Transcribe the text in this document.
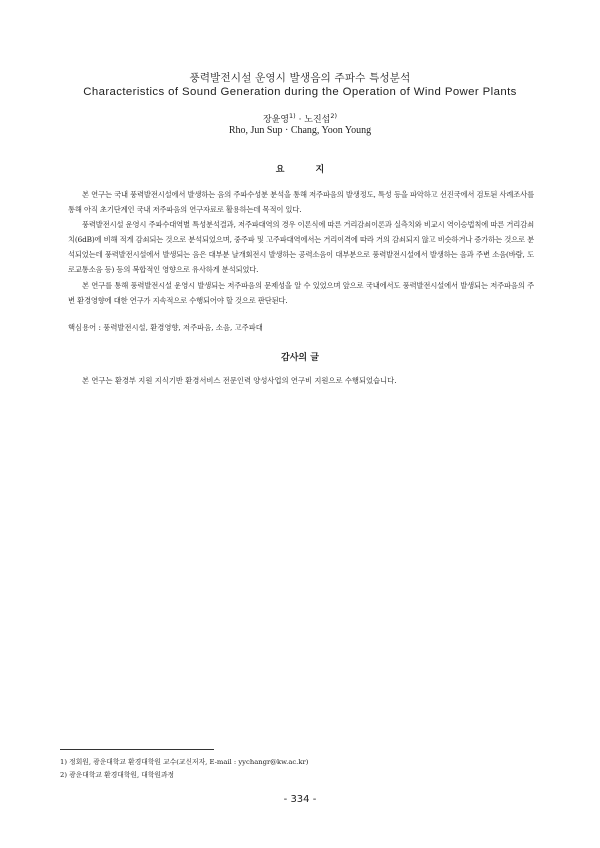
풍력발전시설 운영시 발생음의 주파수 특성분석
Characteristics of Sound Generation during the Operation of Wind Power Plants
장윤영$^{1)}$ · 노진섭$^{2)}$
Rho, Jun Sup · Chang, Yoon Young
요 지

본 연구는 국내 풍력발전시설에서 발생하는 음의 주파수성분 분석을 통해 저주파음의 발생정도, 특성 등을 파악하고 선진국에서 검토된 사례조사를 통해 아직 초기단계인 국내 저주파음의 연구자료로 활용하는데 목적이 있다.

풍력발전시설 운영시 주파수대역별 특성분석결과, 저주파대역의 경우 이론식에 따른 거리감쇠이론과 실측치와 비교시 역이승법칙에 따른 거리감쇠치(6dB)에 비해 적게 감쇠되는 것으로 분석되었으며, 중주파 및 고주파대역에서는 거리이격에 따라 거의 감쇠되지 않고 비슷하거나 증가하는 것으로 분석되었는데 풍력발전시설에서 발생되는 음은 대부분 날개회전시 발생하는 공력소음이 대부분으로 풍력발전시설에서 발생하는 음과 주변 소음(바람, 도로교통소음 등) 등의 복합적인 영향으로 유사하게 분석되었다.

본 연구를 통해 풍력발전시설 운영시 발생되는 저주파음의 문제성을 알 수 있었으며 앞으로 국내에서도 풍력발전시설에서 발생되는 저주파음의 주변 환경영향에 대한 연구가 지속적으로 수행되어야 할 것으로 판단된다.

핵심용어 : 풍력발전시설, 환경영향, 저주파음, 소음, 고주파대
감사의 글
본 연구는 환경부 지원 지식기반 환경서비스 전문인력 양성사업의 연구비 지원으로 수행되었습니다.
1) 정회원, 광운대학교 환경대학원 교수(교신저자, E-mail : yychangr@kw.ac.kr)
2) 광운대학교 환경대학원, 대학원과정
- 334 -
